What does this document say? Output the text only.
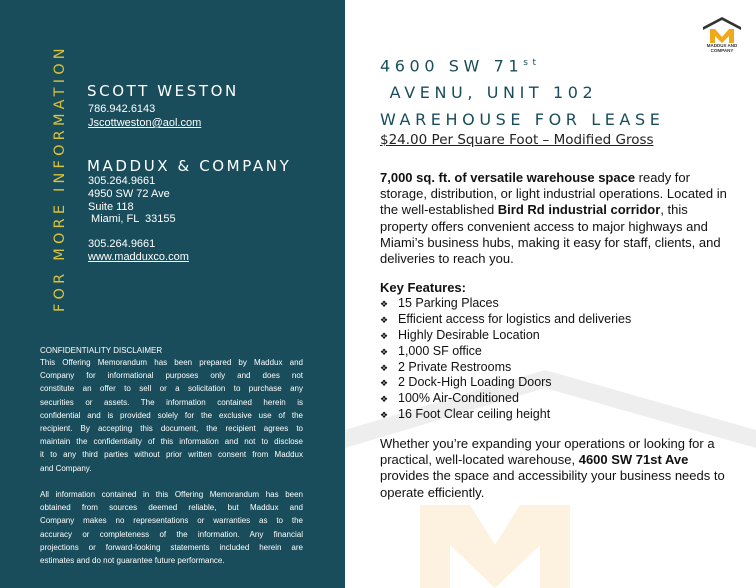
FOR MORE INFORMATION SCOTT WESTON
786.942.6143
Jscottweston@aol.com
MADDUX & COMPANY
305.264.9661
4950 SW 72 Ave
Suite 118
Miami, FL  33155
305.264.9661
www.madduxco.com
CONFIDENTIALITY DISCLAIMER
This Offering Memorandum has been prepared by Maddux and
Company for informational purposes only and does not
constitute an offer to sell or a solicitation to purchase any
securities or assets. The information contained herein is
confidential and is provided solely for the exclusive use of the
recipient. By accepting this document, the recipient agrees to
maintain the confidentiality of this information and not to disclose
it to any third parties without prior written consent from Maddux
and Company.
All information contained in this Offering Memorandum has been
obtained from sources deemed reliable, but Maddux and
Company makes no representations or warranties as to the
accuracy or completeness of the information. Any financial
projections or forward-looking statements included herein are
estimates and do not guarantee future performance.
MADDUX AND COMPANY
4600 SW 71st AVENU, UNIT 102
WAREHOUSE FOR LEASE
$24.00 Per Square Foot – Modified Gross
7,000 sq. ft. of versatile warehouse space ready for storage, distribution, or light industrial operations. Located in the well-established Bird Rd industrial corridor, this property offers convenient access to major highways and Miami’s business hubs, making it easy for staff, clients, and deliveries to reach you.
Key Features:
❖ 15 Parking Places
❖ Efficient access for logistics and deliveries
❖ Highly Desirable Location
❖ 1,000 SF office
❖ 2 Private Restrooms
❖ 2 Dock-High Loading Doors
❖ 100% Air-Conditioned
❖ 16 Foot Clear ceiling height
Whether you’re expanding your operations or looking for a practical, well-located warehouse, 4600 SW 71st Ave provides the space and accessibility your business needs to operate efficiently.
